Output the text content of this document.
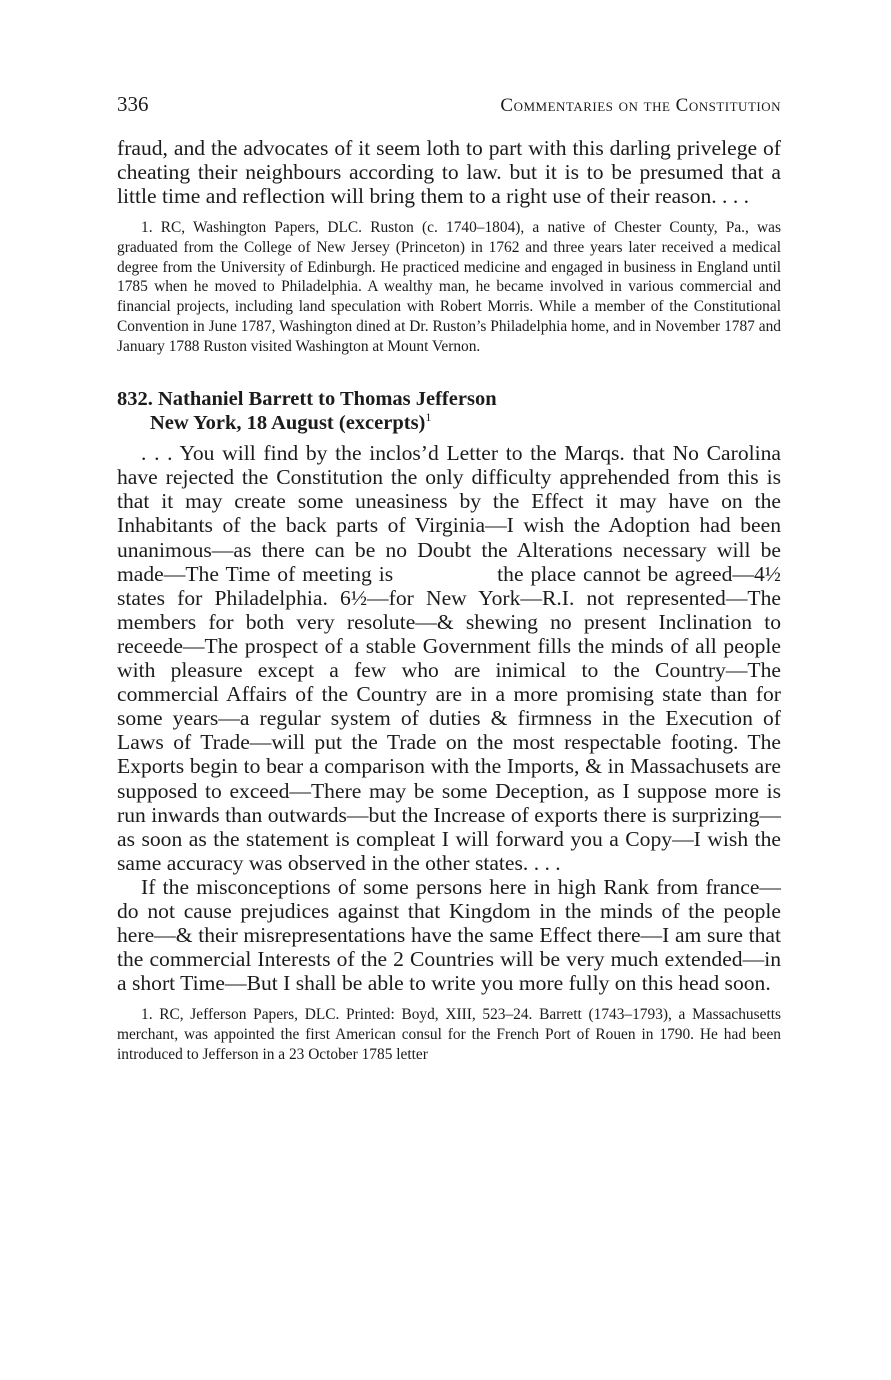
336	Commentaries on the Constitution

fraud, and the advocates of it seem loth to part with this darling privelege of cheating their neighbours according to law. but it is to be presumed that a little time and reflection will bring them to a right use of their reason. . . .

1. RC, Washington Papers, DLC. Ruston (c. 1740–1804), a native of Chester County, Pa., was graduated from the College of New Jersey (Princeton) in 1762 and three years later received a medical degree from the University of Edinburgh. He practiced medicine and engaged in business in England until 1785 when he moved to Philadelphia. A wealthy man, he became involved in various commercial and financial projects, including land speculation with Robert Morris. While a member of the Constitutional Convention in June 1787, Washington dined at Dr. Ruston’s Philadelphia home, and in November 1787 and January 1788 Ruston visited Washington at Mount Vernon.

832. Nathaniel Barrett to Thomas Jefferson
New York, 18 August (excerpts)$^1$

. . . You will find by the inclos’d Letter to the Marqs. that No Carolina have rejected the Constitution the only difficulty apprehended from this is that it may create some uneasiness by the Effect it may have on the Inhabitants of the back parts of Virginia—I wish the Adoption had been unanimous—as there can be no Doubt the Alterations necessary will be made—The Time of meeting is	the place cannot be agreed—4½ states for Philadelphia. 6½—for New York—R.I. not represented—The members for both very resolute—& shewing no present Inclination to receede—The prospect of a stable Government fills the minds of all people with pleasure except a few who are inimical to the Country—The commercial Affairs of the Country are in a more promising state than for some years—a regular system of duties & firmness in the Execution of Laws of Trade—will put the Trade on the most respectable footing. The Exports begin to bear a comparison with the Imports, & in Massachusets are supposed to exceed—There may be some Deception, as I suppose more is run inwards than outwards—but the Increase of exports there is surprizing—as soon as the statement is compleat I will forward you a Copy—I wish the same accuracy was observed in the other states. . . .

If the misconceptions of some persons here in high Rank from france—do not cause prejudices against that Kingdom in the minds of the people here—& their misrepresentations have the same Effect there—I am sure that the commercial Interests of the 2 Countries will be very much extended—in a short Time—But I shall be able to write you more fully on this head soon.

1. RC, Jefferson Papers, DLC. Printed: Boyd, XIII, 523–24. Barrett (1743–1793), a Massachusetts merchant, was appointed the first American consul for the French Port of Rouen in 1790. He had been introduced to Jefferson in a 23 October 1785 letter
